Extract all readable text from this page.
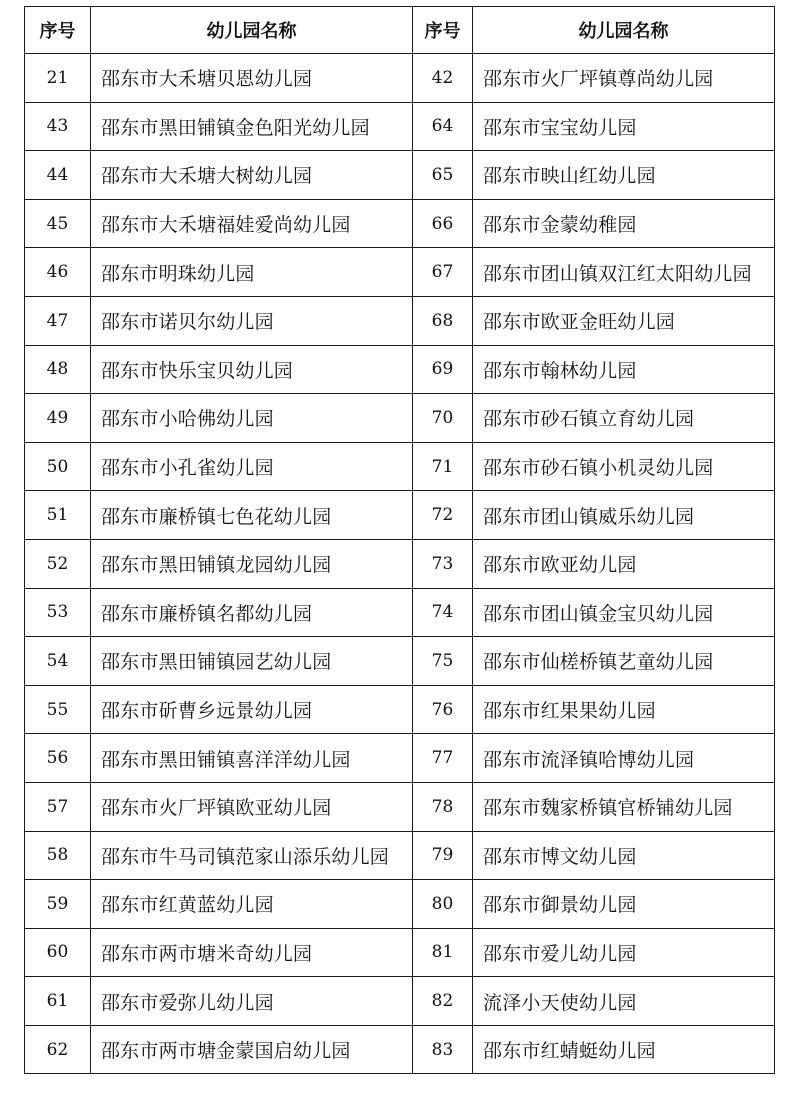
序号	幼儿园名称	序号	幼儿园名称
21	邵东市大禾塘贝恩幼儿园	42	邵东市火厂坪镇尊尚幼儿园
43	邵东市黑田铺镇金色阳光幼儿园	64	邵东市宝宝幼儿园
44	邵东市大禾塘大树幼儿园	65	邵东市映山红幼儿园
45	邵东市大禾塘福娃爱尚幼儿园	66	邵东市金蒙幼稚园
46	邵东市明珠幼儿园	67	邵东市团山镇双江红太阳幼儿园
47	邵东市诺贝尔幼儿园	68	邵东市欧亚金旺幼儿园
48	邵东市快乐宝贝幼儿园	69	邵东市翰林幼儿园
49	邵东市小哈佛幼儿园	70	邵东市砂石镇立育幼儿园
50	邵东市小孔雀幼儿园	71	邵东市砂石镇小机灵幼儿园
51	邵东市廉桥镇七色花幼儿园	72	邵东市团山镇威乐幼儿园
52	邵东市黑田铺镇龙园幼儿园	73	邵东市欧亚幼儿园
53	邵东市廉桥镇名都幼儿园	74	邵东市团山镇金宝贝幼儿园
54	邵东市黑田铺镇园艺幼儿园	75	邵东市仙槎桥镇艺童幼儿园
55	邵东市斫曹乡远景幼儿园	76	邵东市红果果幼儿园
56	邵东市黑田铺镇喜洋洋幼儿园	77	邵东市流泽镇哈博幼儿园
57	邵东市火厂坪镇欧亚幼儿园	78	邵东市魏家桥镇官桥铺幼儿园
58	邵东市牛马司镇范家山添乐幼儿园	79	邵东市博文幼儿园
59	邵东市红黄蓝幼儿园	80	邵东市御景幼儿园
60	邵东市两市塘米奇幼儿园	81	邵东市爱儿幼儿园
61	邵东市爱弥儿幼儿园	82	流泽小天使幼儿园
62	邵东市两市塘金蒙国启幼儿园	83	邵东市红蜻蜓幼儿园
